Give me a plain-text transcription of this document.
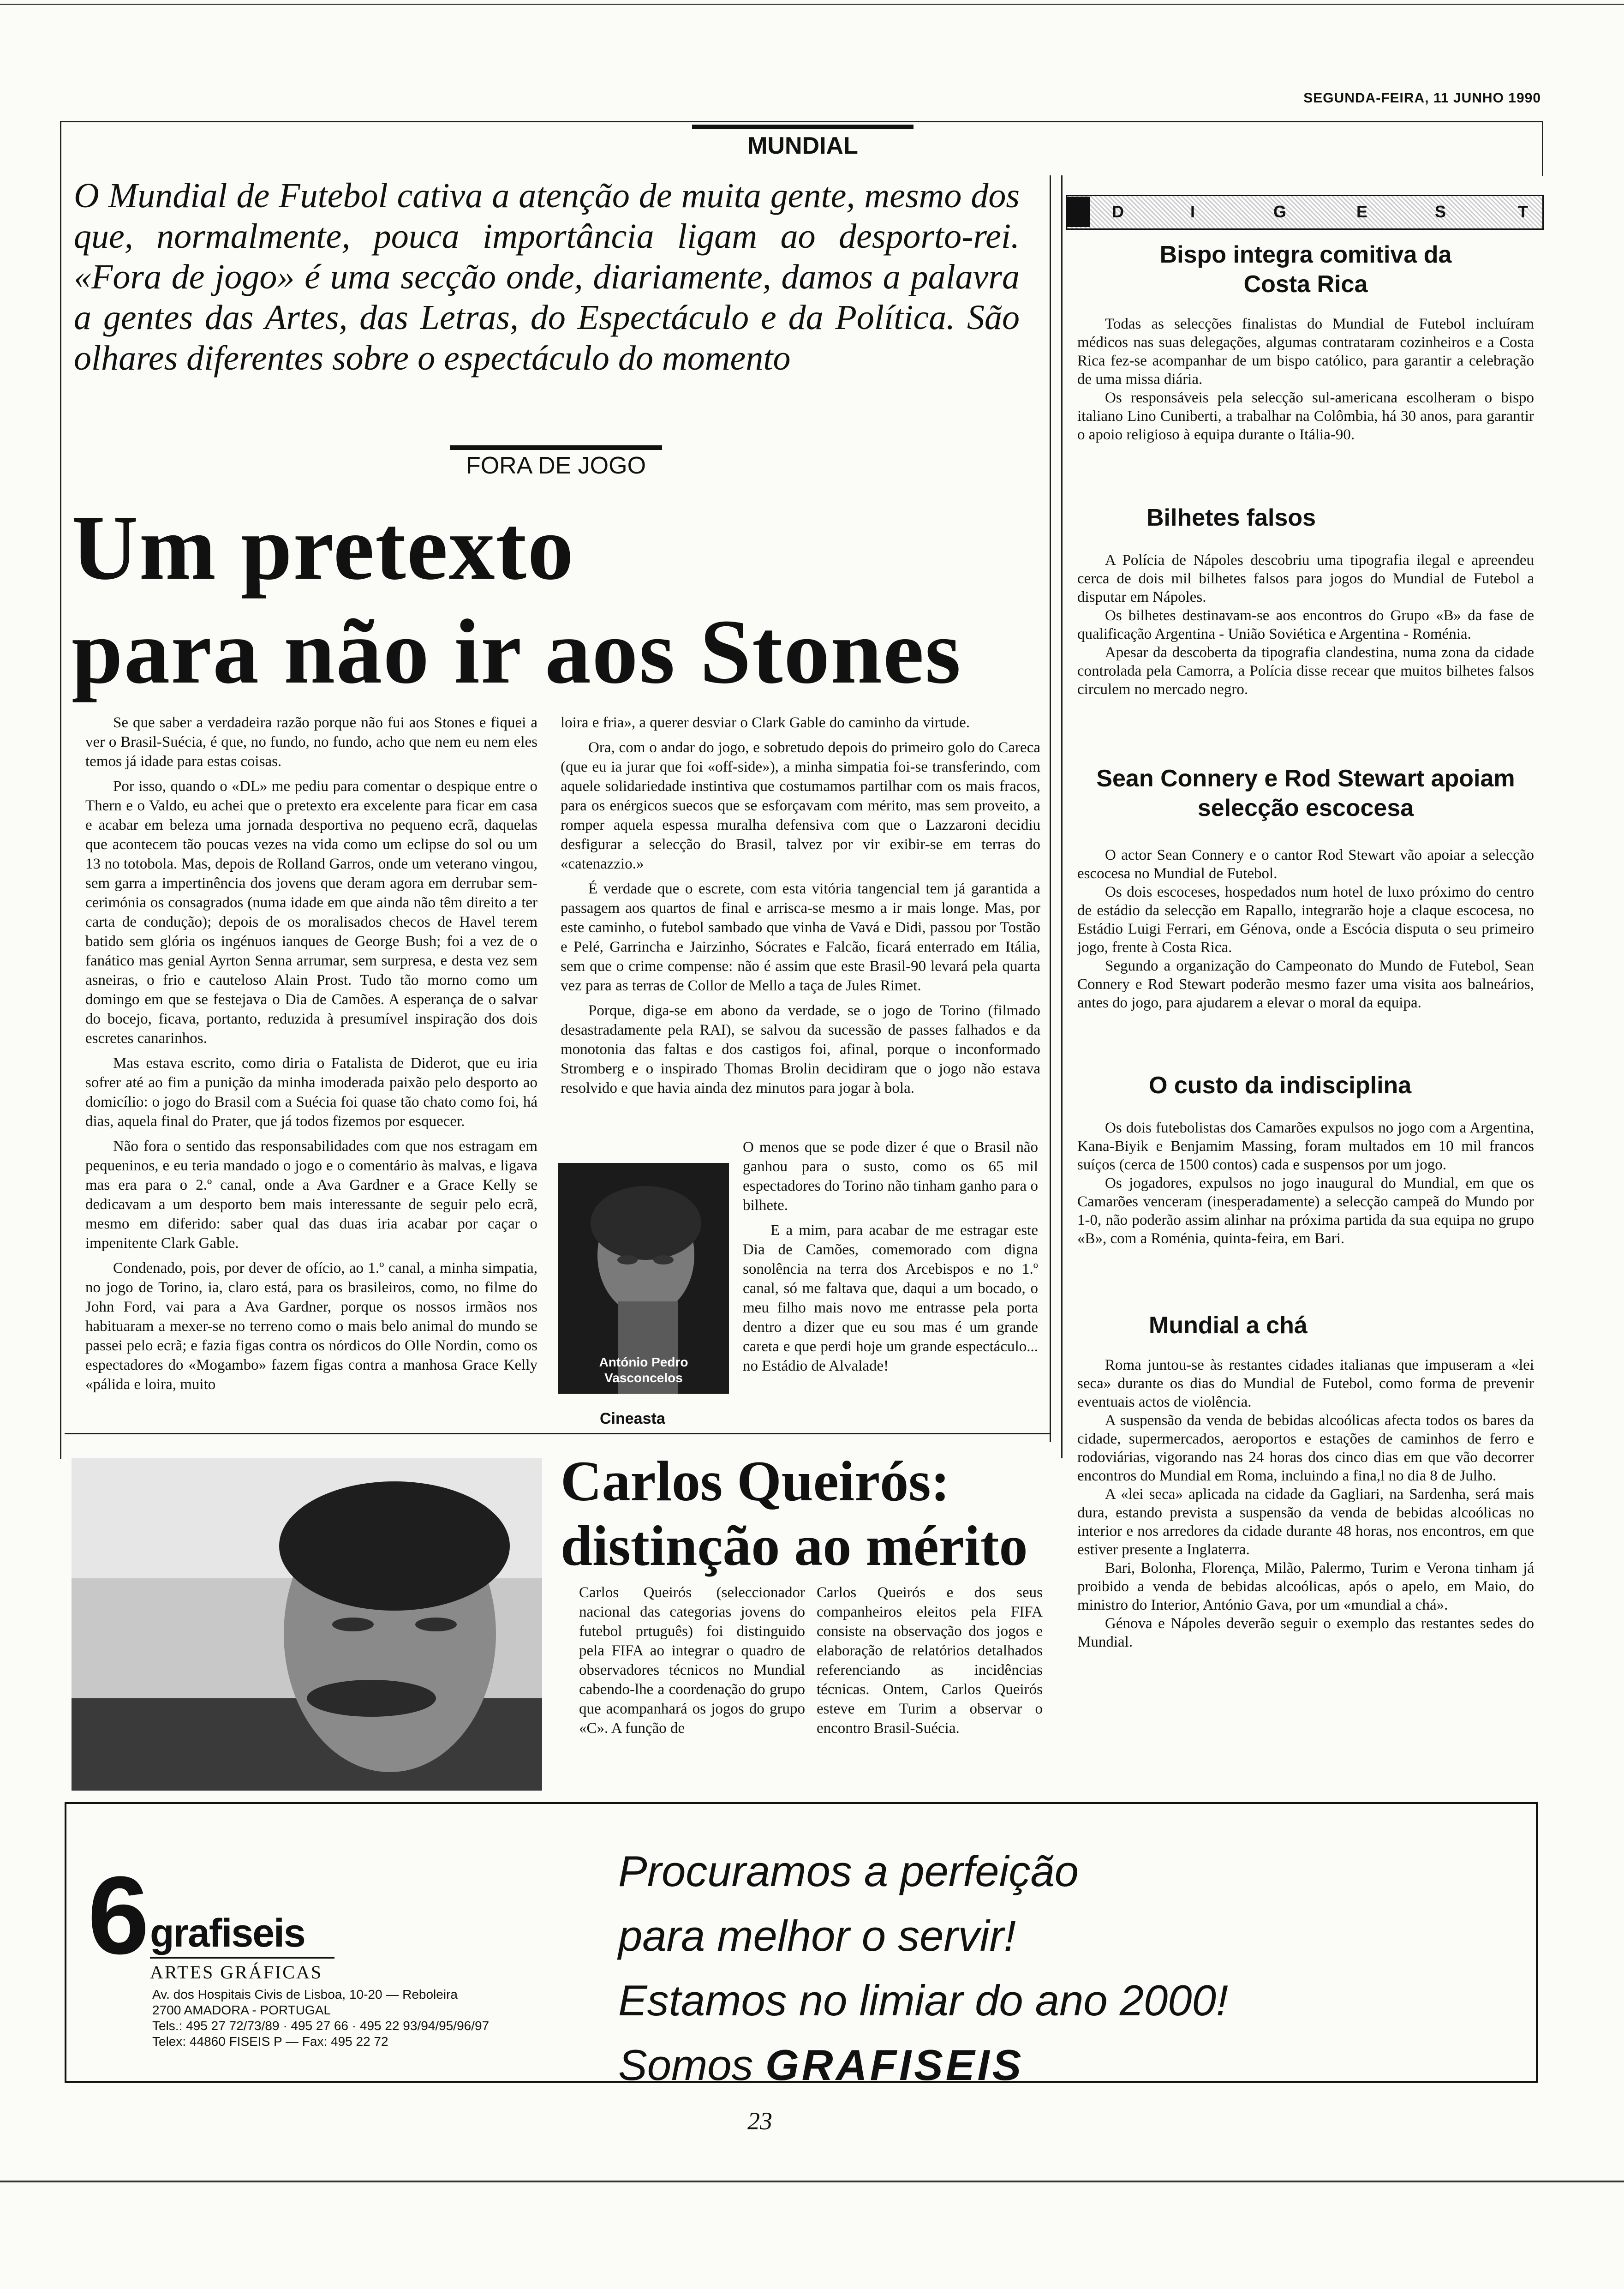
SEGUNDA-FEIRA, 11 JUNHO 1990
MUNDIAL
O Mundial de Futebol cativa a atenção de muita gente, mesmo dos que, normalmente, pouca importância ligam ao desporto-rei. «Fora de jogo» é uma secção onde, diariamente, damos a palavra a gentes das Artes, das Letras, do Espectáculo e da Política. São olhares diferentes sobre o espectáculo do momento
FORA DE JOGO
Um pretexto
para não ir aos Stones

Se que saber a verdadeira razão porque não fui aos Stones e fiquei a ver o Brasil-Suécia, é que, no fundo, no fundo, acho que nem eu nem eles temos já idade para estas coisas.

Por isso, quando o «DL» me pediu para comentar o despique entre o Thern e o Valdo, eu achei que o pretexto era excelente para ficar em casa e acabar em beleza uma jornada desportiva no pequeno ecrã, daquelas que acontecem tão poucas vezes na vida como um eclipse do sol ou um 13 no totobola. Mas, depois de Rolland Garros, onde um veterano vingou, sem garra a impertinência dos jovens que deram agora em derrubar sem-cerimónia os consagrados (numa idade em que ainda não têm direito a ter carta de condução); depois de os moralisados checos de Havel terem batido sem glória os ingénuos ianques de George Bush; foi a vez de o fanático mas genial Ayrton Senna arrumar, sem surpresa, e desta vez sem asneiras, o frio e cauteloso Alain Prost. Tudo tão morno como um domingo em que se festejava o Dia de Camões. A esperança de o salvar do bocejo, ficava, portanto, reduzida à presumível inspiração dos dois escretes canarinhos.

Mas estava escrito, como diria o Fatalista de Diderot, que eu iria sofrer até ao fim a punição da minha imoderada paixão pelo desporto ao domicílio: o jogo do Brasil com a Suécia foi quase tão chato como foi, há dias, aquela final do Prater, que já todos fizemos por esquecer.

Não fora o sentido das responsabilidades com que nos estragam em pequeninos, e eu teria mandado o jogo e o comentário às malvas, e ligava mas era para o 2.º canal, onde a Ava Gardner e a Grace Kelly se dedicavam a um desporto bem mais interessante de seguir pelo ecrã, mesmo em diferido: saber qual das duas iria acabar por caçar o impenitente Clark Gable.

Condenado, pois, por dever de ofício, ao 1.º canal, a minha simpatia, no jogo de Torino, ia, claro está, para os brasileiros, como, no filme do John Ford, vai para a Ava Gardner, porque os nossos irmãos nos habituaram a mexer-se no terreno como o mais belo animal do mundo se passei pelo ecrã; e fazia figas contra os nórdicos do Olle Nordin, como os espectadores do «Mogambo» fazem figas contra a manhosa Grace Kelly «pálida e loira, muito

loira e fria», a querer desviar o Clark Gable do caminho da virtude.

Ora, com o andar do jogo, e sobretudo depois do primeiro golo do Careca (que eu ia jurar que foi «off-side»), a minha simpatia foi-se transferindo, com aquele solidariedade instintiva que costumamos partilhar com os mais fracos, para os enérgicos suecos que se esforçavam com mérito, mas sem proveito, a romper aquela espessa muralha defensiva com que o Lazzaroni decidiu desfigurar a selecção do Brasil, talvez por vir exibir-se em terras do «catenazzio.»

É verdade que o escrete, com esta vitória tangencial tem já garantida a passagem aos quartos de final e arrisca-se mesmo a ir mais longe. Mas, por este caminho, o futebol sambado que vinha de Vavá e Didi, passou por Tostão e Pelé, Garrincha e Jairzinho, Sócrates e Falcão, ficará enterrado em Itália, sem que o crime compense: não é assim que este Brasil-90 levará pela quarta vez para as terras de Collor de Mello a taça de Jules Rimet.

Porque, diga-se em abono da verdade, se o jogo de Torino (filmado desastradamente pela RAI), se salvou da sucessão de passes falhados e da monotonia das faltas e dos castigos foi, afinal, porque o inconformado Stromberg e o inspirado Thomas Brolin decidiram que o jogo não estava resolvido e que havia ainda dez minutos para jogar à bola.

O menos que se pode dizer é que o Brasil não ganhou para o susto, como os 65 mil espectadores do Torino não tinham ganho para o bilhete.

E a mim, para acabar de me estragar este Dia de Camões, comemorado com digna sonolência na terra dos Arcebispos e no 1.º canal, só me faltava que, daqui a um bocado, o meu filho mais novo me entrasse pela porta dentro a dizer que eu sou mas é um grande careta e que perdi hoje um grande espectáculo... no Estádio de Alvalade!

António Pedro
Vasconcelos
Cineasta
Carlos Queirós:
distinção ao mérito
Carlos Queirós (seleccionador nacional das categorias jovens do futebol prtuguês) foi distinguido pela FIFA ao integrar o quadro de observadores técnicos no Mundial cabendo-lhe a coordenação do grupo que acompanhará os jogos do grupo «C». A função de
Carlos Queirós e dos seus companheiros eleitos pela FIFA consiste na observação dos jogos e elaboração de relatórios detalhados referenciando as incidências técnicas. Ontem, Carlos Queirós esteve em Turim a observar o encontro Brasil-Suécia.
D	I	G	E	S	T
Bispo integra comitiva da Costa Rica

Todas as selecções finalistas do Mundial de Futebol incluíram médicos nas suas delegações, algumas contrataram cozinheiros e a Costa Rica fez-se acompanhar de um bispo católico, para garantir a celebração de uma missa diária.

Os responsáveis pela selecção sul-americana escolheram o bispo italiano Lino Cuniberti, a trabalhar na Colômbia, há 30 anos, para garantir o apoio religioso à equipa durante o Itália-90.

Bilhetes falsos

A Polícia de Nápoles descobriu uma tipografia ilegal e apreendeu cerca de dois mil bilhetes falsos para jogos do Mundial de Futebol a disputar em Nápoles.

Os bilhetes destinavam-se aos encontros do Grupo «B» da fase de qualificação Argentina - União Soviética e Argentina - Roménia.

Apesar da descoberta da tipografia clandestina, numa zona da cidade controlada pela Camorra, a Polícia disse recear que muitos bilhetes falsos circulem no mercado negro.

Sean Connery e Rod Stewart apoiam selecção escocesa

O actor Sean Connery e o cantor Rod Stewart vão apoiar a selecção escocesa no Mundial de Futebol.

Os dois escoceses, hospedados num hotel de luxo próximo do centro de estádio da selecção em Rapallo, integrarão hoje a claque escocesa, no Estádio Luigi Ferrari, em Génova, onde a Escócia disputa o seu primeiro jogo, frente à Costa Rica.

Segundo a organização do Campeonato do Mundo de Futebol, Sean Connery e Rod Stewart poderão mesmo fazer uma visita aos balneários, antes do jogo, para ajudarem a elevar o moral da equipa.

O custo da indisciplina

Os dois futebolistas dos Camarões expulsos no jogo com a Argentina, Kana-Biyik e Benjamim Massing, foram multados em 10 mil francos suíços (cerca de 1500 contos) cada e suspensos por um jogo.

Os jogadores, expulsos no jogo inaugural do Mundial, em que os Camarões venceram (inesperadamente) a selecção campeã do Mundo por 1-0, não poderão assim alinhar na próxima partida da sua equipa no grupo «B», com a Roménia, quinta-feira, em Bari.

Mundial a chá

Roma juntou-se às restantes cidades italianas que impuseram a «lei seca» durante os dias do Mundial de Futebol, como forma de prevenir eventuais actos de violência.

A suspensão da venda de bebidas alcoólicas afecta todos os bares da cidade, supermercados, aeroportos e estações de caminhos de ferro e rodoviárias, vigorando nas 24 horas dos cinco dias em que vão decorrer encontros do Mundial em Roma, incluindo a fina,l no dia 8 de Julho.

A «lei seca» aplicada na cidade da Gagliari, na Sardenha, será mais dura, estando prevista a suspensão da venda de bebidas alcoólicas no interior e nos arredores da cidade durante 48 horas, nos encontros, em que estiver presente a Inglaterra.

Bari, Bolonha, Florença, Milão, Palermo, Turim e Verona tinham já proibido a venda de bebidas alcoólicas, após o apelo, em Maio, do ministro do Interior, António Gava, por um «mundial a chá».

Génova e Nápoles deverão seguir o exemplo das restantes sedes do Mundial.

6 grafiseis
ARTES GRÁFICAS
Av. dos Hospitais Civis de Lisboa, 10-20 — Reboleira
2700 AMADORA - PORTUGAL
Tels.: 495 27 72/73/89 · 495 27 66 · 495 22 93/94/95/96/97
Telex: 44860 FISEIS P — Fax: 495 22 72
Procuramos a perfeição
para melhor o servir!
Estamos no limiar do ano 2000!
Somos GRAFISEIS
23
